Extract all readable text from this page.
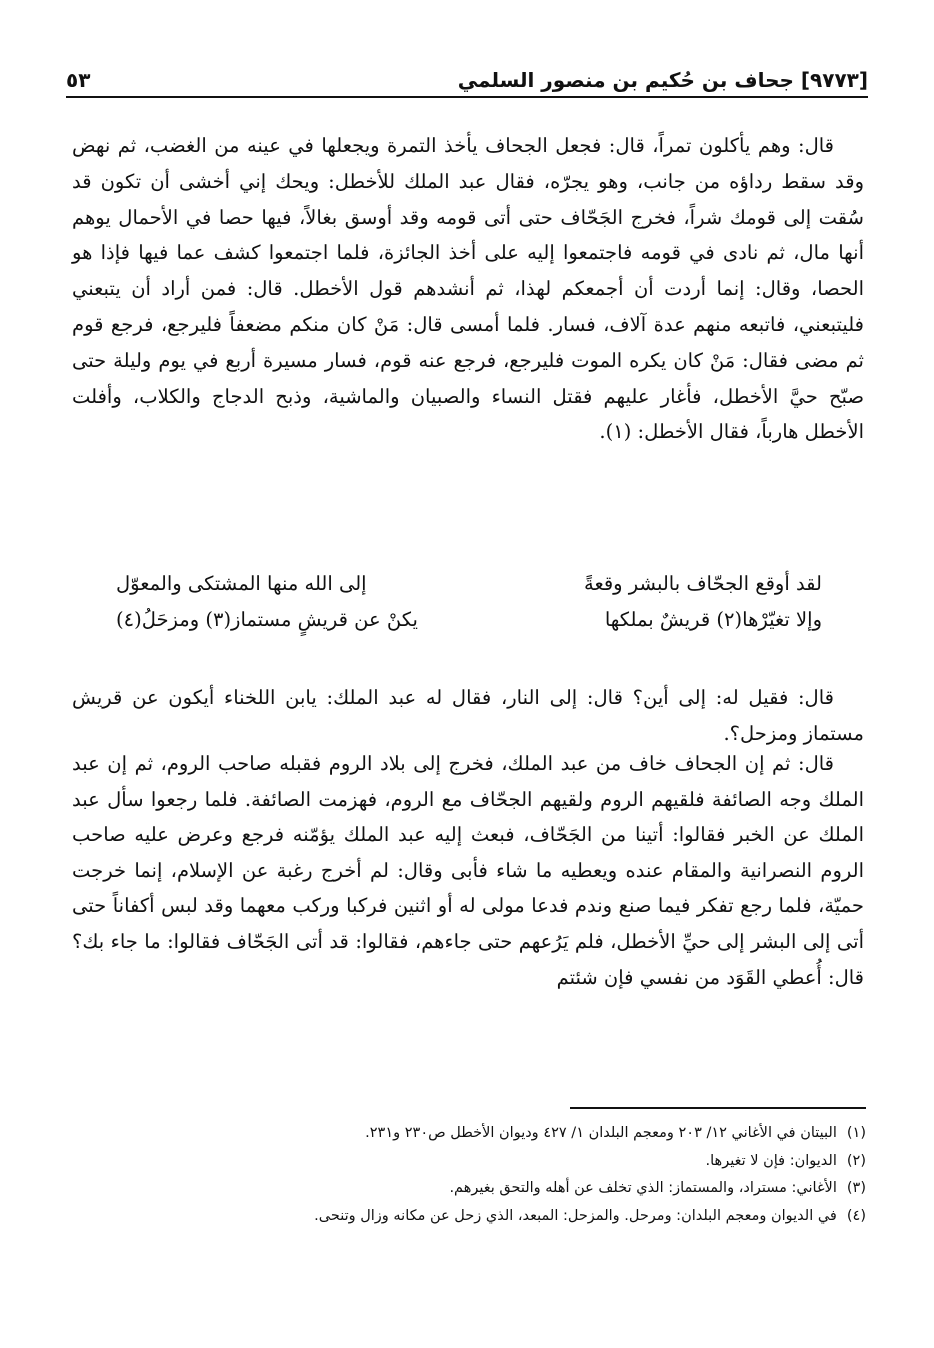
[٩٧٧٣] جحاف بن حُكيم بن منصور السلمي
٥٣

قال: وهم يأكلون تمراً، قال: فجعل الجحاف يأخذ التمرة ويجعلها في عينه من الغضب، ثم نهض وقد سقط رداؤه من جانب، وهو يجرّه، فقال عبد الملك للأخطل: ويحك إني أخشى أن تكون قد سُقت إلى قومك شراً، فخرج الجَحّاف حتى أتى قومه وقد أوسق بغالاً، فيها حصا في الأحمال يوهم أنها مال، ثم نادى في قومه فاجتمعوا إليه على أخذ الجائزة، فلما اجتمعوا كشف عما فيها فإذا هو الحصا، وقال: إنما أردت أن أجمعكم لهذا، ثم أنشدهم قول الأخطل. قال: فمن أراد أن يتبعني فليتبعني، فاتبعه منهم عدة آلاف، فسار. فلما أمسى قال: مَنْ كان منكم مضعفاً فليرجع، فرجع قوم ثم مضى فقال: مَنْ كان يكره الموت فليرجع، فرجع عنه قوم، فسار مسيرة أربع في يوم وليلة حتى صبّح حيَّ الأخطل، فأغار عليهم فقتل النساء والصبيان والماشية، وذبح الدجاج والكلاب، وأفلت الأخطل هارباً، فقال الأخطل: (١).

لقد أوقع الجحّاف بالبشر وقعةً
إلى الله منها المشتكى والمعوّل
وإلا تغيّرْها(٢) قريشٌ بملكها
يكنْ عن قريشٍ مستماز(٣) ومزحَلُ(٤)

قال: فقيل له: إلى أين؟ قال: إلى النار، فقال له عبد الملك: يابن اللخناء أيكون عن قريش مستماز ومزحل؟.

قال: ثم إن الجحاف خاف من عبد الملك، فخرج إلى بلاد الروم فقبله صاحب الروم، ثم إن عبد الملك وجه الصائفة فلقيهم الروم ولقيهم الجحّاف مع الروم، فهزمت الصائفة. فلما رجعوا سأل عبد الملك عن الخبر فقالوا: أتينا من الجَحّاف، فبعث إليه عبد الملك يؤمّنه فرجع وعرض عليه صاحب الروم النصرانية والمقام عنده ويعطيه ما شاء فأبى وقال: لم أخرج رغبة عن الإسلام، إنما خرجت حميّة، فلما رجع تفكر فيما صنع وندم فدعا مولى له أو اثنين فركبا وركب معهما وقد لبس أكفاناً حتى أتى إلى البشر إلى حيِّ الأخطل، فلم يَرُعهم حتى جاءهم، فقالوا: قد أتى الجَحّاف فقالوا: ما جاء بك؟ قال: أُعطي القَوَد من نفسي فإن شئتم

(١)
البيتان في الأغاني ١٢/ ٢٠٣ ومعجم البلدان ١/ ٤٢٧ وديوان الأخطل ص٢٣٠ و٢٣١.
(٢)
الديوان: فإن لا تغيرها.
(٣)
الأغاني: مستراد، والمستماز: الذي تخلف عن أهله والتحق بغيرهم.
(٤)
في الديوان ومعجم البلدان: ومرحل. والمزحل: المبعد، الذي زحل عن مكانه وزال وتنحى.
